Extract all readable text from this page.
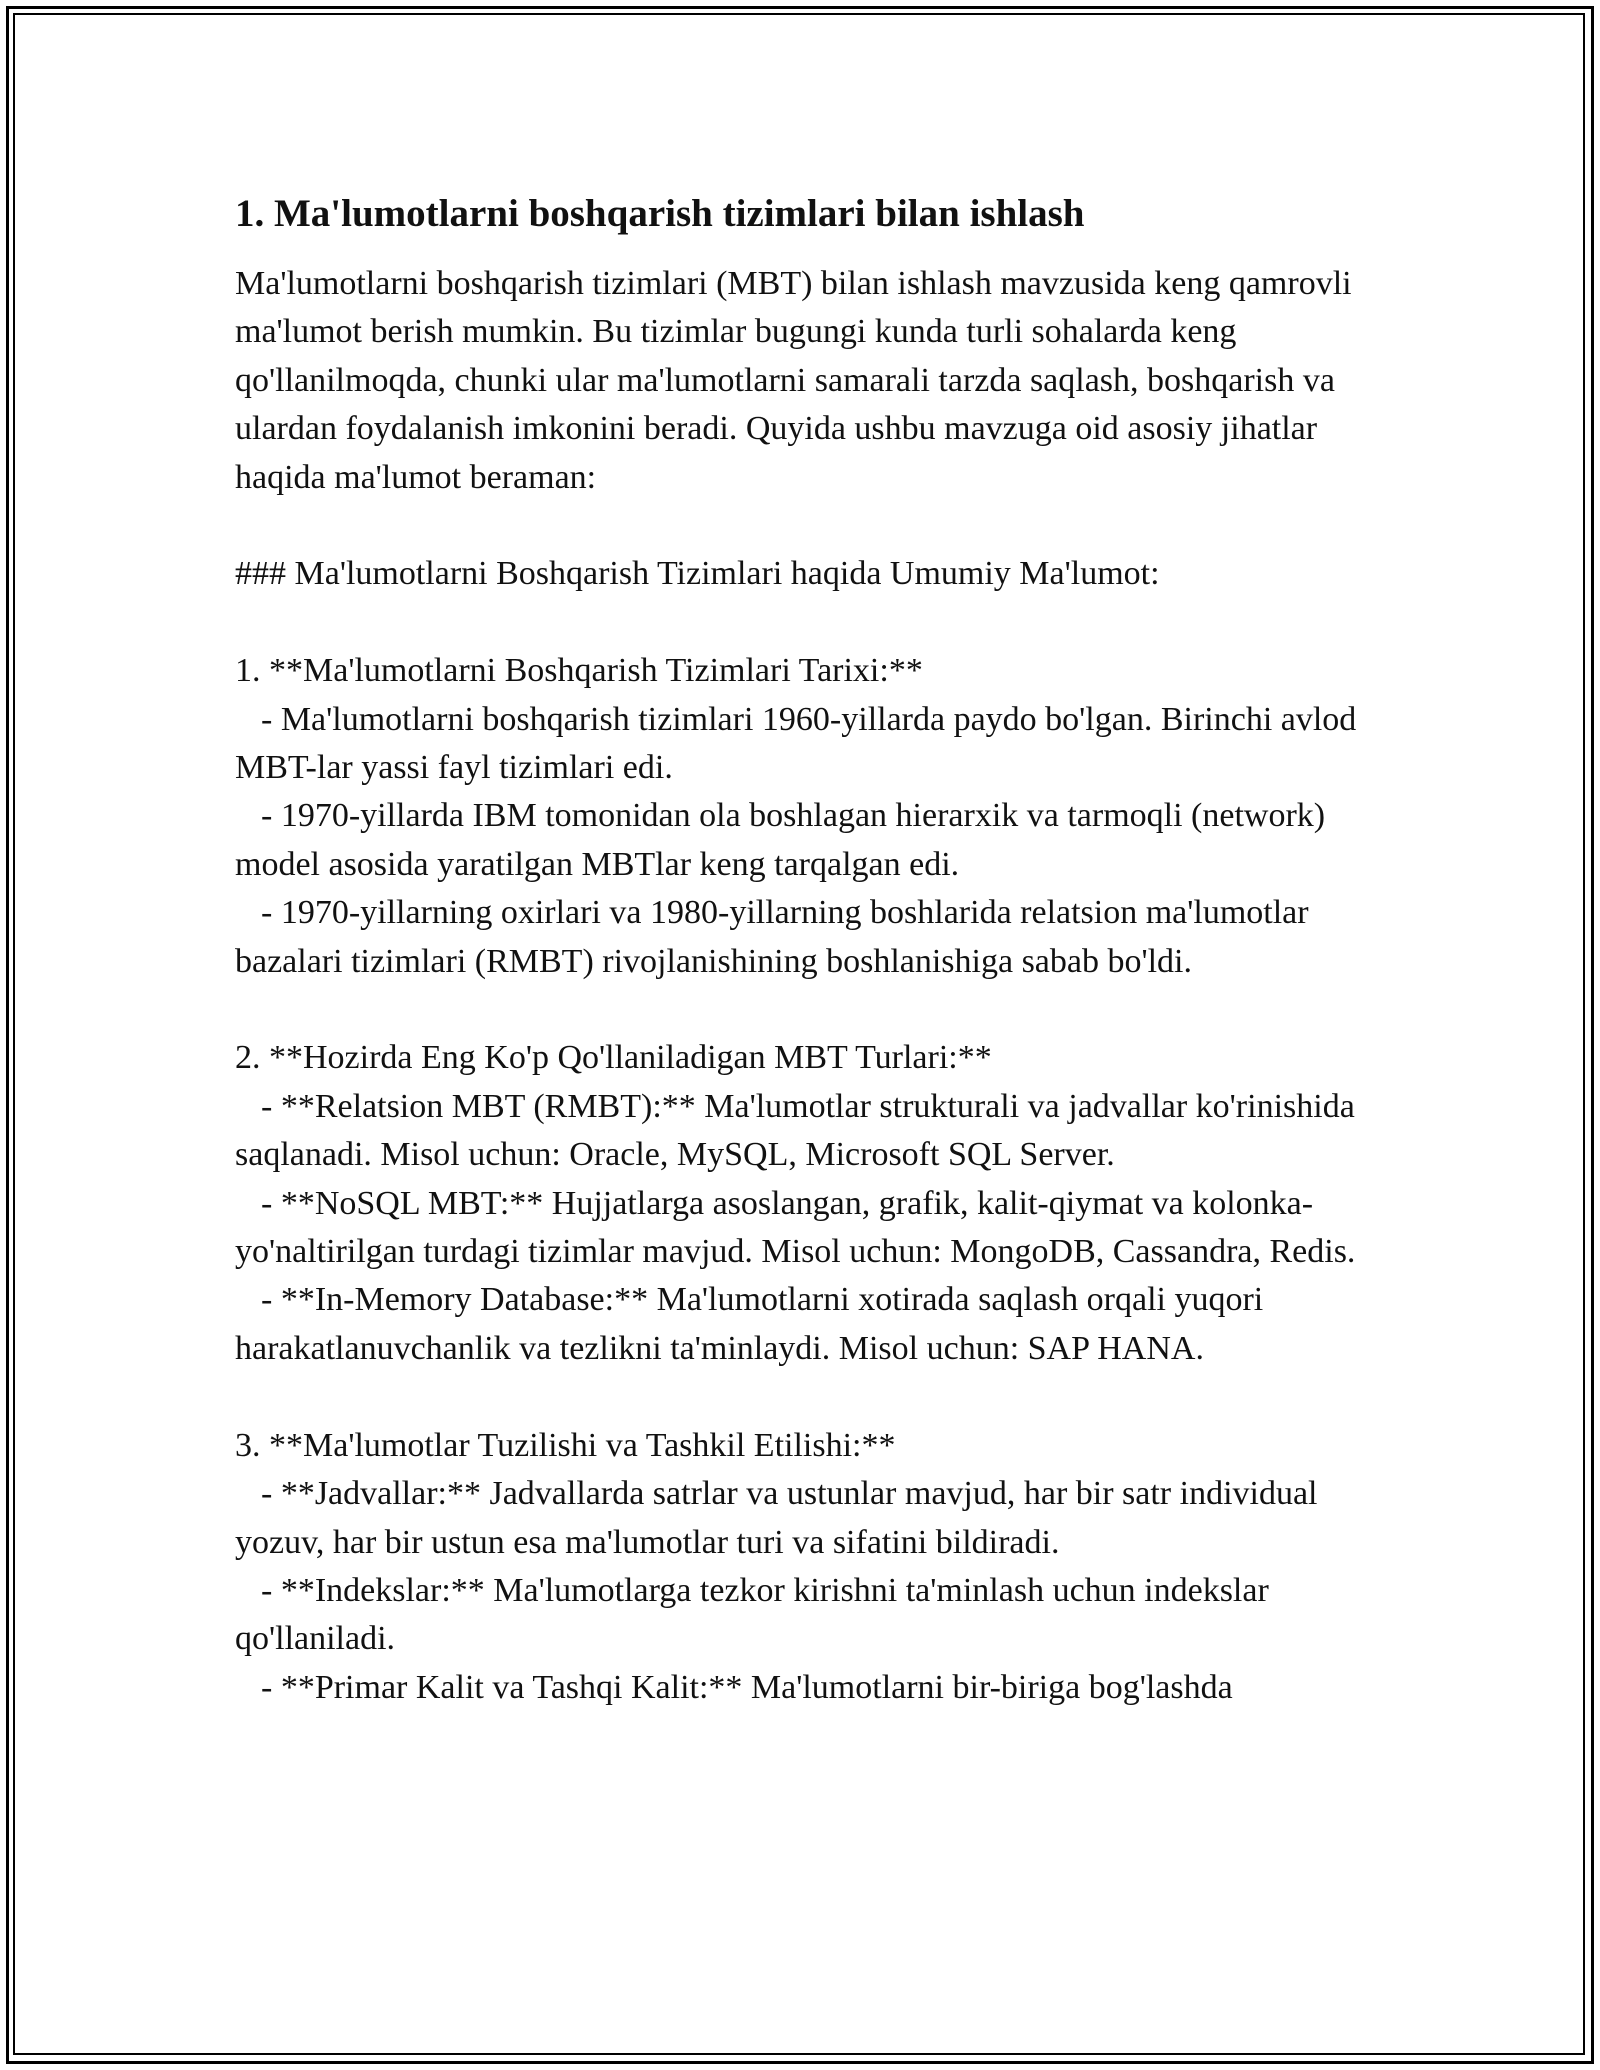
1. Ma'lumotlarni boshqarish tizimlari bilan ishlash

Ma'lumotlarni boshqarish tizimlari (MBT) bilan ishlash mavzusida keng qamrovli ma'lumot berish mumkin. Bu tizimlar bugungi kunda turli sohalarda keng qo'llanilmoqda, chunki ular ma'lumotlarni samarali tarzda saqlash, boshqarish va ulardan foydalanish imkonini beradi. Quyida ushbu mavzuga oid asosiy jihatlar haqida ma'lumot beraman:

### Ma'lumotlarni Boshqarish Tizimlari haqida Umumiy Ma'lumot:

1. **Ma'lumotlarni Boshqarish Tizimlari Tarixi:**

- Ma'lumotlarni boshqarish tizimlari 1960-yillarda paydo bo'lgan. Birinchi avlod MBT-lar yassi fayl tizimlari edi.

- 1970-yillarda IBM tomonidan ola boshlagan hierarxik va tarmoqli (network) model asosida yaratilgan MBTlar keng tarqalgan edi.

- 1970-yillarning oxirlari va 1980-yillarning boshlarida relatsion ma'lumotlar bazalari tizimlari (RMBT) rivojlanishining boshlanishiga sabab bo'ldi.

2. **Hozirda Eng Ko'p Qo'llaniladigan MBT Turlari:**

- **Relatsion MBT (RMBT):** Ma'lumotlar strukturali va jadvallar ko'rinishida saqlanadi. Misol uchun: Oracle, MySQL, Microsoft SQL Server.

- **NoSQL MBT:** Hujjatlarga asoslangan, grafik, kalit-qiymat va kolonka-yo'naltirilgan turdagi tizimlar mavjud. Misol uchun: MongoDB, Cassandra, Redis.

- **In-Memory Database:** Ma'lumotlarni xotirada saqlash orqali yuqori harakatlanuvchanlik va tezlikni ta'minlaydi. Misol uchun: SAP HANA.

3. **Ma'lumotlar Tuzilishi va Tashkil Etilishi:**

- **Jadvallar:** Jadvallarda satrlar va ustunlar mavjud, har bir satr individual yozuv, har bir ustun esa ma'lumotlar turi va sifatini bildiradi.

- **Indekslar:** Ma'lumotlarga tezkor kirishni ta'minlash uchun indekslar qo'llaniladi.

- **Primar Kalit va Tashqi Kalit:** Ma'lumotlarni bir-biriga bog'lashda
